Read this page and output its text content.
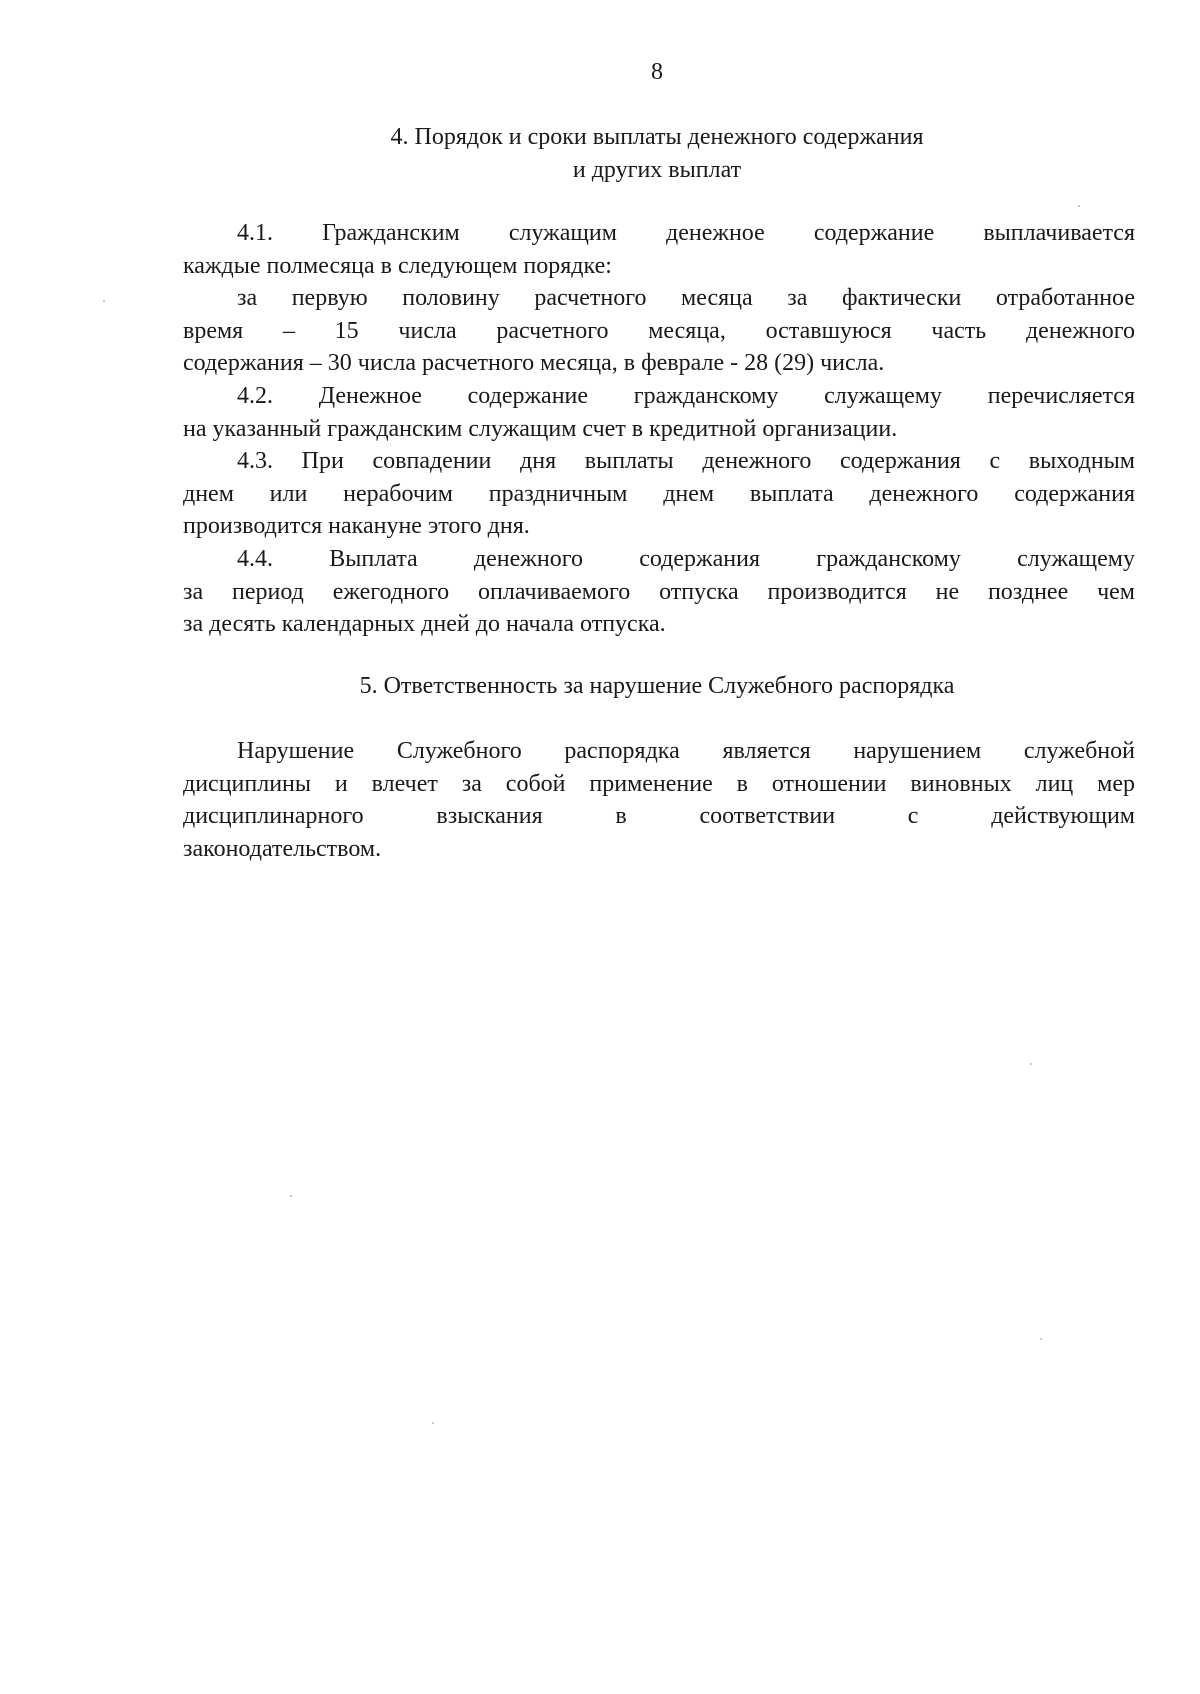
8
4. Порядок и сроки выплаты денежного содержания
и других выплат
4.1. Гражданским служащим денежное содержание выплачивается
каждые полмесяца в следующем порядке:
за первую половину расчетного месяца за фактически отработанное
время – 15 числа расчетного месяца, оставшуюся часть денежного
содержания – 30 числа расчетного месяца, в феврале - 28 (29) числа.
4.2. Денежное содержание гражданскому служащему перечисляется
на указанный гражданским служащим счет в кредитной организации.
4.3. При совпадении дня выплаты денежного содержания с выходным
днем или нерабочим праздничным днем выплата денежного содержания
производится накануне этого дня.
4.4. Выплата денежного содержания гражданскому служащему
за период ежегодного оплачиваемого отпуска производится не позднее чем
за десять календарных дней до начала отпуска.
5. Ответственность за нарушение Служебного распорядка
Нарушение Служебного распорядка является нарушением служебной
дисциплины и влечет за собой применение в отношении виновных лиц мер
дисциплинарного взыскания в соответствии с действующим
законодательством.
